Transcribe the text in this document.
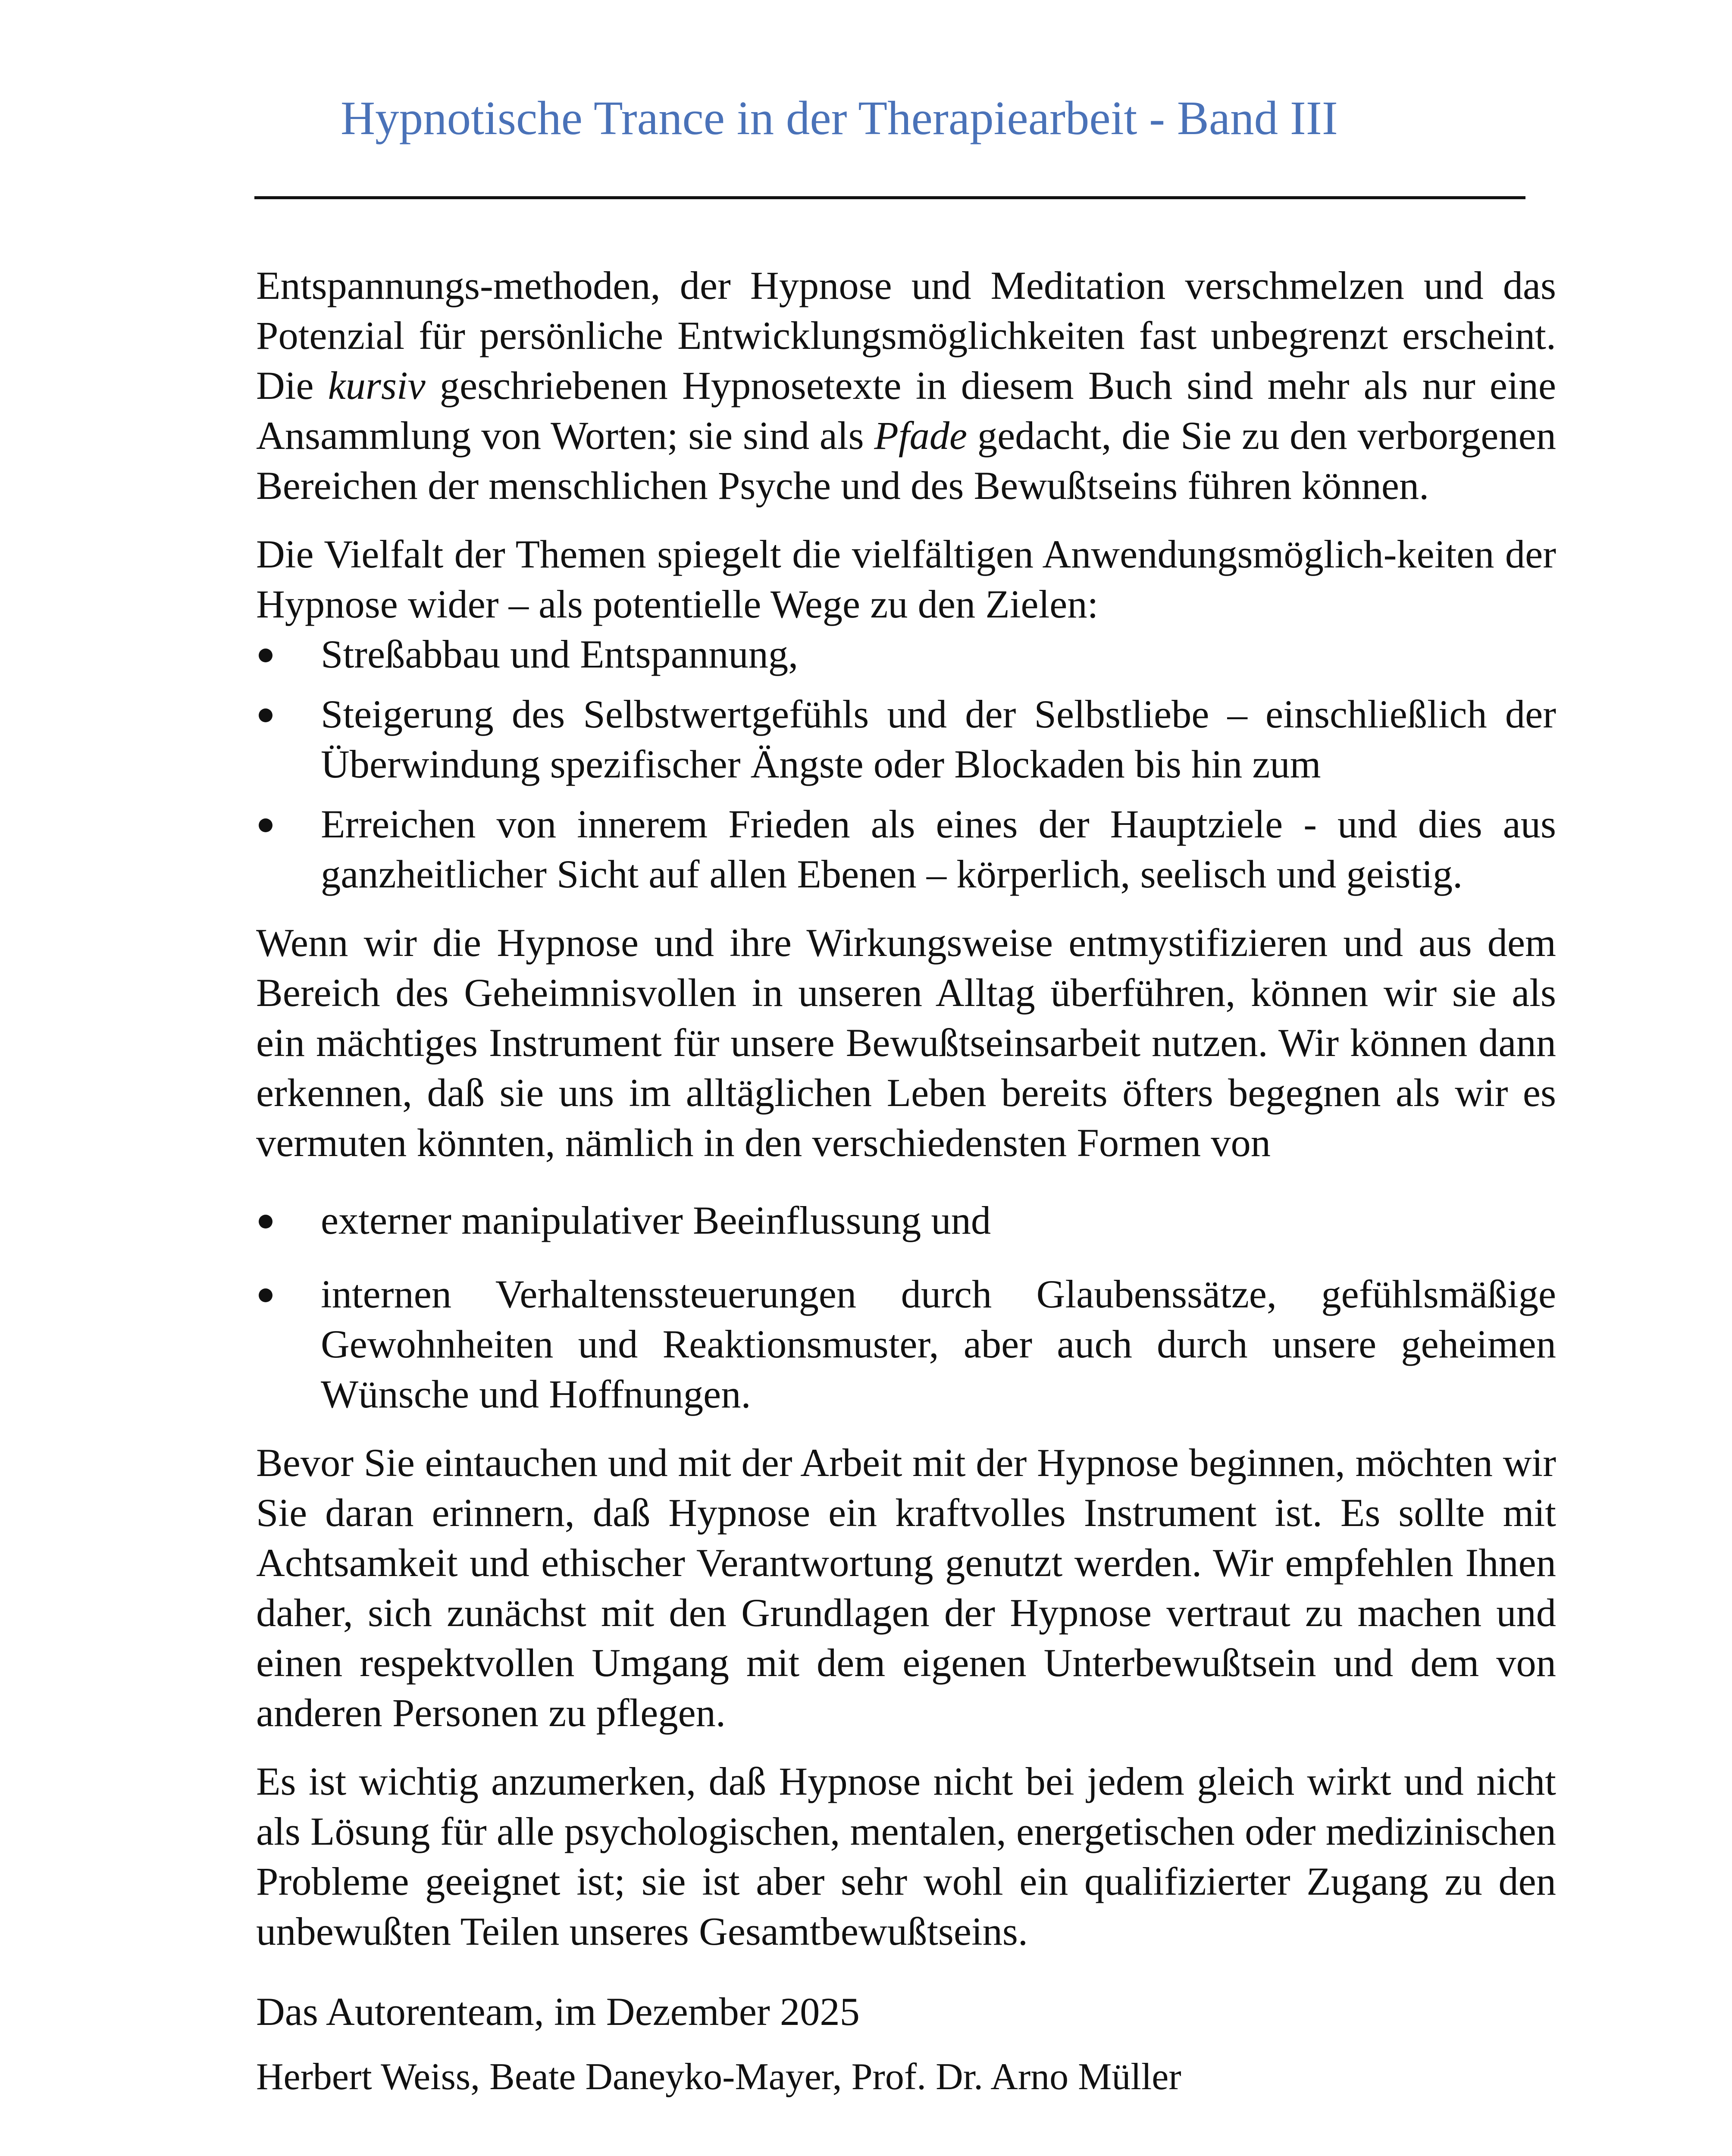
Hypnotische Trance in der Therapiearbeit - Band III

Entspannungs-methoden, der Hypnose und Meditation verschmelzen und das Potenzial für persönliche Entwicklungsmöglichkeiten fast unbegrenzt erscheint. Die kursiv geschriebenen Hypnosetexte in diesem Buch sind mehr als nur eine Ansammlung von Worten; sie sind als Pfade gedacht, die Sie zu den verborgenen Bereichen der menschlichen Psyche und des Bewußtseins führen können.

Die Vielfalt der Themen spiegelt die vielfältigen Anwendungsmöglich-keiten der Hypnose wider – als potentielle Wege zu den Zielen:

Streßabbau und Entspannung,
Steigerung des Selbstwertgefühls und der Selbstliebe – einschließlich der Überwindung spezifischer Ängste oder Blockaden bis hin zum
Erreichen von innerem Frieden als eines der Hauptziele - und dies aus ganzheitlicher Sicht auf allen Ebenen – körperlich, seelisch und geistig.

Wenn wir die Hypnose und ihre Wirkungsweise entmystifizieren und aus dem Bereich des Geheimnisvollen in unseren Alltag überführen, können wir sie als ein mächtiges Instrument für unsere Bewußtseinsarbeit nutzen. Wir können dann erkennen, daß sie uns im alltäglichen Leben bereits öfters begegnen als wir es vermuten könnten, nämlich in den verschiedensten Formen von

externer manipulativer Beeinflussung und
internen Verhaltenssteuerungen durch Glaubenssätze, gefühlsmäßige Gewohnheiten und Reaktionsmuster, aber auch durch unsere geheimen Wünsche und Hoffnungen.

Bevor Sie eintauchen und mit der Arbeit mit der Hypnose beginnen, möchten wir Sie daran erinnern, daß Hypnose ein kraftvolles Instrument ist. Es sollte mit Achtsamkeit und ethischer Verantwortung genutzt werden. Wir empfehlen Ihnen daher, sich zunächst mit den Grundlagen der Hypnose vertraut zu machen und einen respektvollen Umgang mit dem eigenen Unterbewußtsein und dem von anderen Personen zu pflegen.

Es ist wichtig anzumerken, daß Hypnose nicht bei jedem gleich wirkt und nicht als Lösung für alle psychologischen, mentalen, energetischen oder medizinischen Probleme geeignet ist; sie ist aber sehr wohl ein qualifizierter Zugang zu den unbewußten Teilen unseres Gesamtbewußtseins.

Das Autorenteam, im Dezember 2025

Herbert Weiss, Beate Daneyko-Mayer, Prof. Dr. Arno Müller
